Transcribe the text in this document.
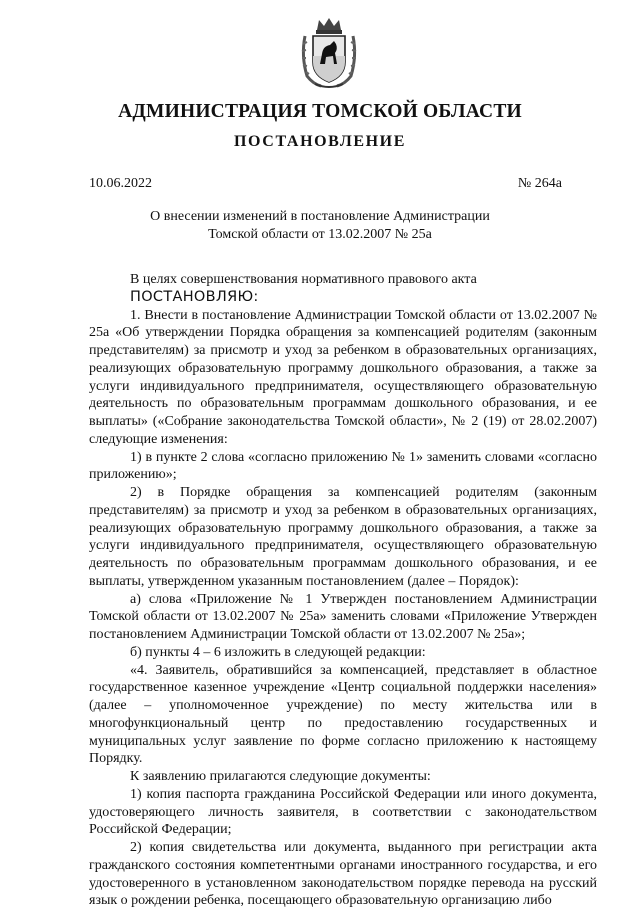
АДМИНИСТРАЦИЯ ТОМСКОЙ ОБЛАСТИ
ПОСТАНОВЛЕНИЕ
10.06.2022	№ 264а
О внесении изменений в постановление Администрации
Томской области от 13.02.2007 № 25а

В целях совершенствования нормативного правового акта

ПОСТАНОВЛЯЮ:

1. Внести в постановление Администрации Томской области от 13.02.2007 № 25а «Об утверждении Порядка обращения за компенсацией родителям (законным представителям) за присмотр и уход за ребенком в образовательных организациях, реализующих образовательную программу дошкольного образования, а также за услуги индивидуального предпринимателя, осуществляющего образовательную деятельность по образовательным программам дошкольного образования, и ее выплаты» («Собрание законодательства Томской области», № 2 (19) от 28.02.2007) следующие изменения:

1) в пункте 2 слова «согласно приложению № 1» заменить словами «согласно приложению»;

2) в Порядке обращения за компенсацией родителям (законным представителям) за присмотр и уход за ребенком в образовательных организациях, реализующих образовательную программу дошкольного образования, а также за услуги индивидуального предпринимателя, осуществляющего образовательную деятельность по образовательным программам дошкольного образования, и ее выплаты, утвержденном указанным постановлением (далее – Порядок):

а) слова «Приложение № 1 Утвержден постановлением Администрации Томской области от 13.02.2007 № 25а» заменить словами «Приложение Утвержден постановлением Администрации Томской области от 13.02.2007 № 25а»;

б) пункты 4 – 6 изложить в следующей редакции:

«4. Заявитель, обратившийся за компенсацией, представляет в областное государственное казенное учреждение «Центр социальной поддержки населения» (далее – уполномоченное учреждение) по месту жительства или в многофункциональный центр по предоставлению государственных и муниципальных услуг заявление по форме согласно приложению к настоящему Порядку.

К заявлению прилагаются следующие документы:

1) копия паспорта гражданина Российской Федерации или иного документа, удостоверяющего личность заявителя, в соответствии с законодательством Российской Федерации;

2) копия свидетельства или документа, выданного при регистрации акта гражданского состояния компетентными органами иностранного государства, и его удостоверенного в установленном законодательством порядке перевода на русский язык о рождении ребенка, посещающего образовательную организацию либо
